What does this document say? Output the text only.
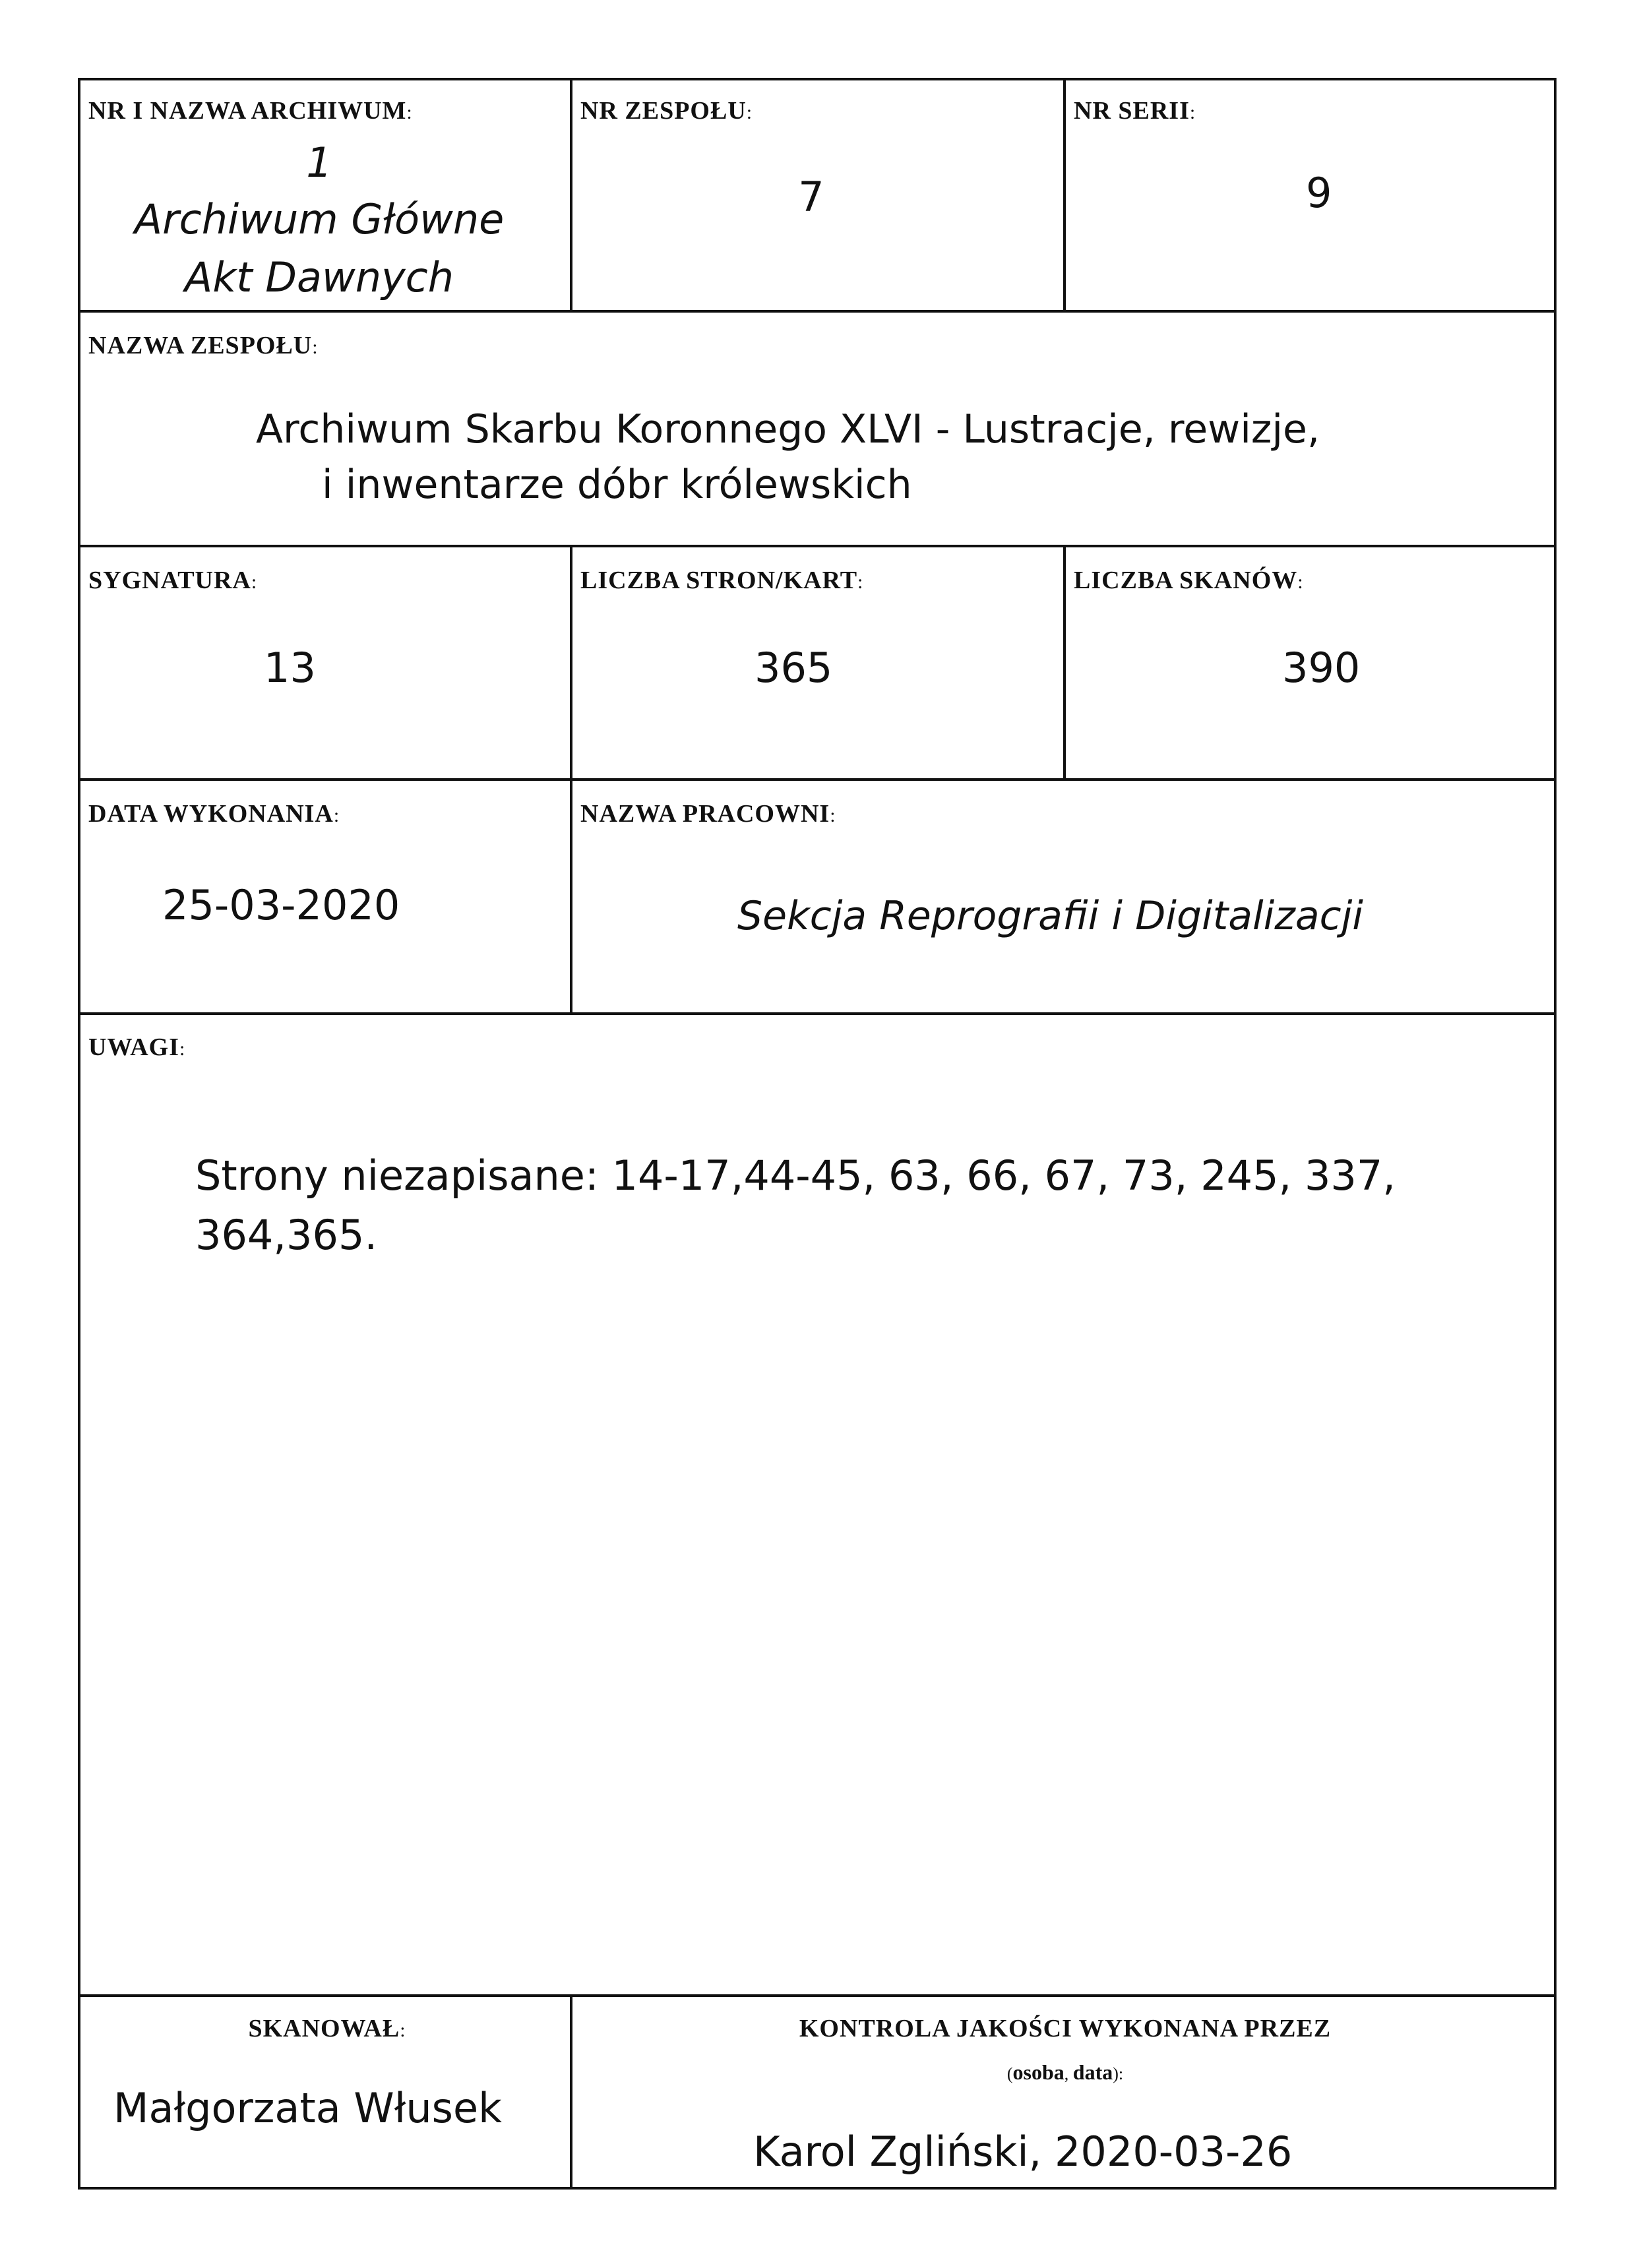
NR I NAZWA ARCHIWUM:
1
Archiwum Główne
Akt Dawnych
NR ZESPOŁU:
7
NR SERII:
9
NAZWA ZESPOŁU:
Archiwum Skarbu Koronnego XLVI - Lustracje, rewizje,
i inwentarze dóbr królewskich
SYGNATURA:
13
LICZBA STRON/KART:
365
LICZBA SKANÓW:
390
DATA WYKONANIA:
25-03-2020
NAZWA PRACOWNI:
Sekcja Reprografii i Digitalizacji
UWAGI:
Strony niezapisane: 14-17,44-45, 63, 66, 67, 73, 245, 337,
364,365.
SKANOWAŁ:
Małgorzata Włusek
KONTROLA JAKOŚCI WYKONANA PRZEZ
(osoba, data):
Karol Zgliński, 2020-03-26
